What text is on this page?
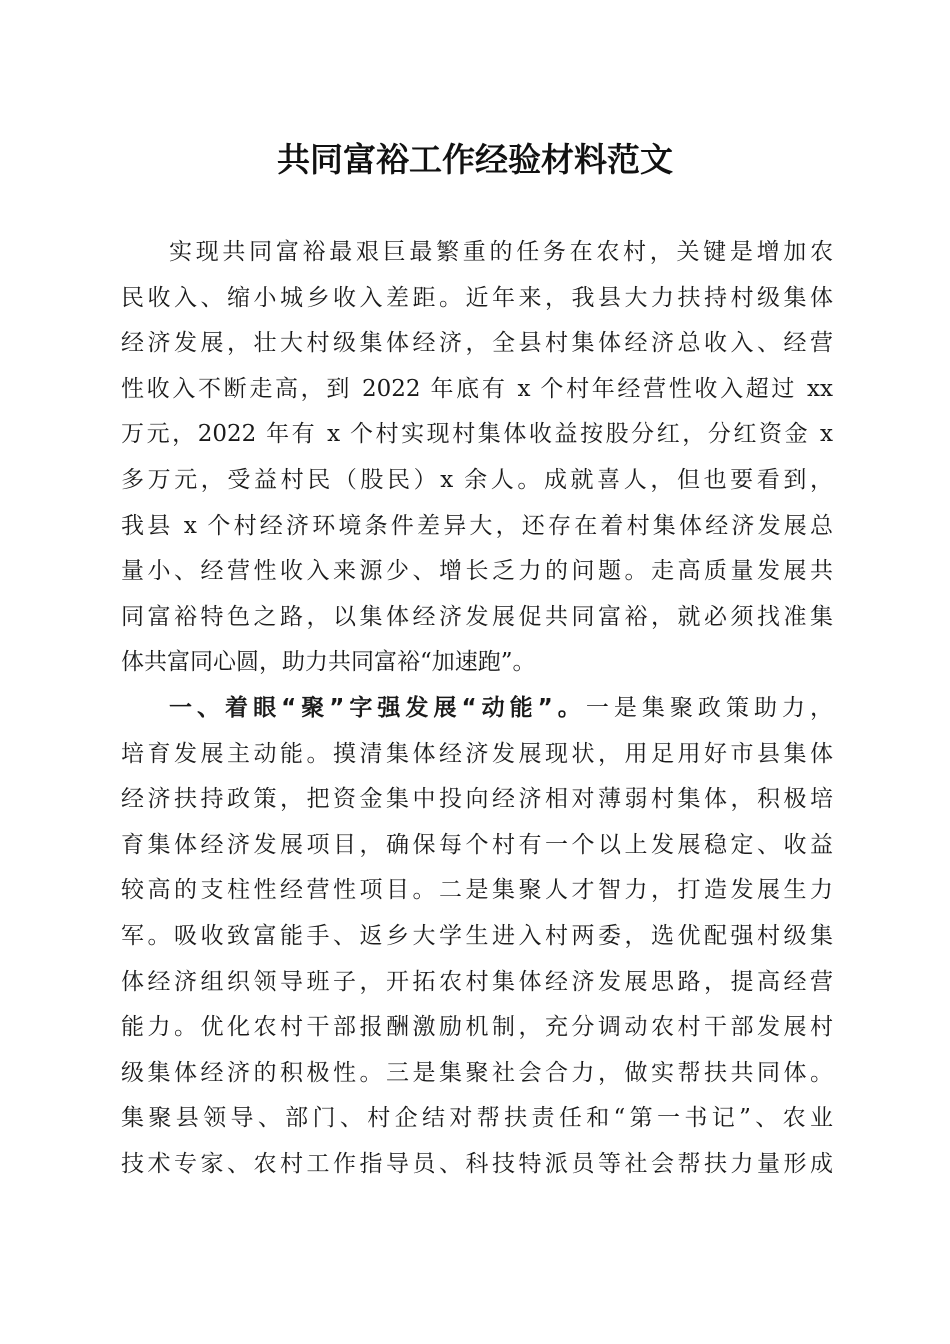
共同富裕工作经验材料范文
实现共同富裕最艰巨最繁重的任务在农村，关键是增加农
民收入、缩小城乡收入差距。近年来，我县大力扶持村级集体
经济发展，壮大村级集体经济，全县村集体经济总收入、经营
性收入不断走高，到 2022 年底有 x 个村年经营性收入超过 xx
万元，2022 年有 x 个村实现村集体收益按股分红，分红资金 x
多万元，受益村民（股民）x 余人。成就喜人，但也要看到，
我县 x 个村经济环境条件差异大，还存在着村集体经济发展总
量小、经营性收入来源少、增长乏力的问题。走高质量发展共
同富裕特色之路，以集体经济发展促共同富裕，就必须找准集
体共富同心圆，助力共同富裕“加速跑”。
一、着眼“聚”字强发展“动能”。一是集聚政策助力，
培育发展主动能。摸清集体经济发展现状，用足用好市县集体
经济扶持政策，把资金集中投向经济相对薄弱村集体，积极培
育集体经济发展项目，确保每个村有一个以上发展稳定、收益
较高的支柱性经营性项目。二是集聚人才智力，打造发展生力
军。吸收致富能手、返乡大学生进入村两委，选优配强村级集
体经济组织领导班子，开拓农村集体经济发展思路，提高经营
能力。优化农村干部报酬激励机制，充分调动农村干部发展村
级集体经济的积极性。三是集聚社会合力，做实帮扶共同体。
集聚县领导、部门、村企结对帮扶责任和“第一书记”、农业
技术专家、农村工作指导员、科技特派员等社会帮扶力量形成
